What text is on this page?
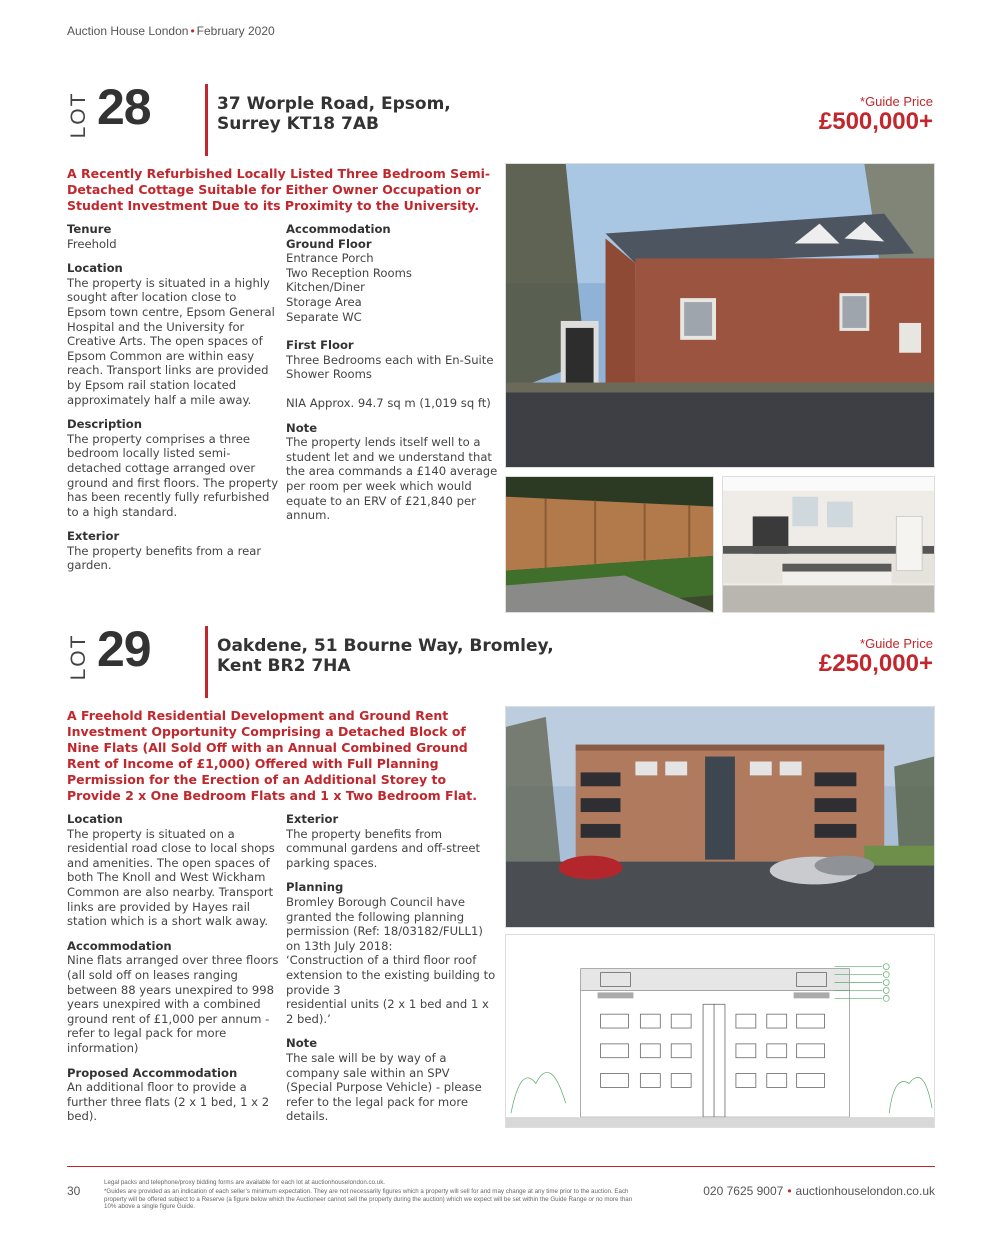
Auction House London • February 2020
LOT 28	37 Worple Road, Epsom,
Surrey KT18 7AB
*Guide Price
£500,000+
A Recently Refurbished Locally Listed Three Bedroom Semi-Detached Cottage Suitable for Either Owner Occupation or Student Investment Due to its Proximity to the University.
Tenure

Freehold

Location

The property is situated in a highly sought after location close to Epsom town centre, Epsom General Hospital and the University for Creative Arts. The open spaces of Epsom Common are within easy reach. Transport links are provided by Epsom rail station located approximately half a mile away.

Description

The property comprises a three bedroom locally listed semi-detached cottage arranged over ground and first floors. The property has been recently fully refurbished to a high standard.

Exterior

The property benefits from a rear garden.

Accommodation
Ground Floor
Entrance Porch
Two Reception Rooms
Kitchen/Diner
Storage Area
Separate WC
First Floor

Three Bedrooms each with En-Suite Shower Rooms

NIA Approx. 94.7 sq m (1,019 sq ft)

Note

The property lends itself well to a student let and we understand that the area commands a £140 average per room per week which would equate to an ERV of £21,840 per annum.

LOT 29	Oakdene, 51 Bourne Way, Bromley,
Kent BR2 7HA
*Guide Price
£250,000+
A Freehold Residential Development and Ground Rent Investment Opportunity Comprising a Detached Block of Nine Flats (All Sold Off with an Annual Combined Ground Rent of Income of £1,000) Offered with Full Planning Permission for the Erection of an Additional Storey to Provide 2 x One Bedroom Flats and 1 x Two Bedroom Flat.
Location

The property is situated on a residential road close to local shops and amenities. The open spaces of both The Knoll and West Wickham Common are also nearby. Transport links are provided by Hayes rail station which is a short walk away.

Accommodation

Nine flats arranged over three floors (all sold off on leases ranging between 88 years unexpired to 998 years unexpired with a combined ground rent of £1,000 per annum - refer to legal pack for more information)

Proposed Accommodation

An additional floor to provide a further three flats (2 x 1 bed, 1 x 2 bed).

Exterior

The property benefits from communal gardens and off-street parking spaces.

Planning

Bromley Borough Council have granted the following planning permission (Ref: 18/03182/FULL1) on 13th July 2018:

‘Construction of a third floor roof extension to the existing building to provide 3

residential units (2 x 1 bed and 1 x 2 bed).’

Note

The sale will be by way of a company sale within an SPV (Special Purpose Vehicle) - please refer to the legal pack for more details.

30
Legal packs and telephone/proxy bidding forms are available for each lot at auctionhouselondon.co.uk.
*Guides are provided as an indication of each seller’s minimum expectation. They are not necessarily figures which a property will sell for and may change at any time prior to the auction. Each property will be offered subject to a Reserve (a figure below which the Auctioneer cannot sell the property during the auction) which we expect will be set within the Guide Range or no more than 10% above a single figure Guide.
020 7625 9007 • auctionhouselondon.co.uk
